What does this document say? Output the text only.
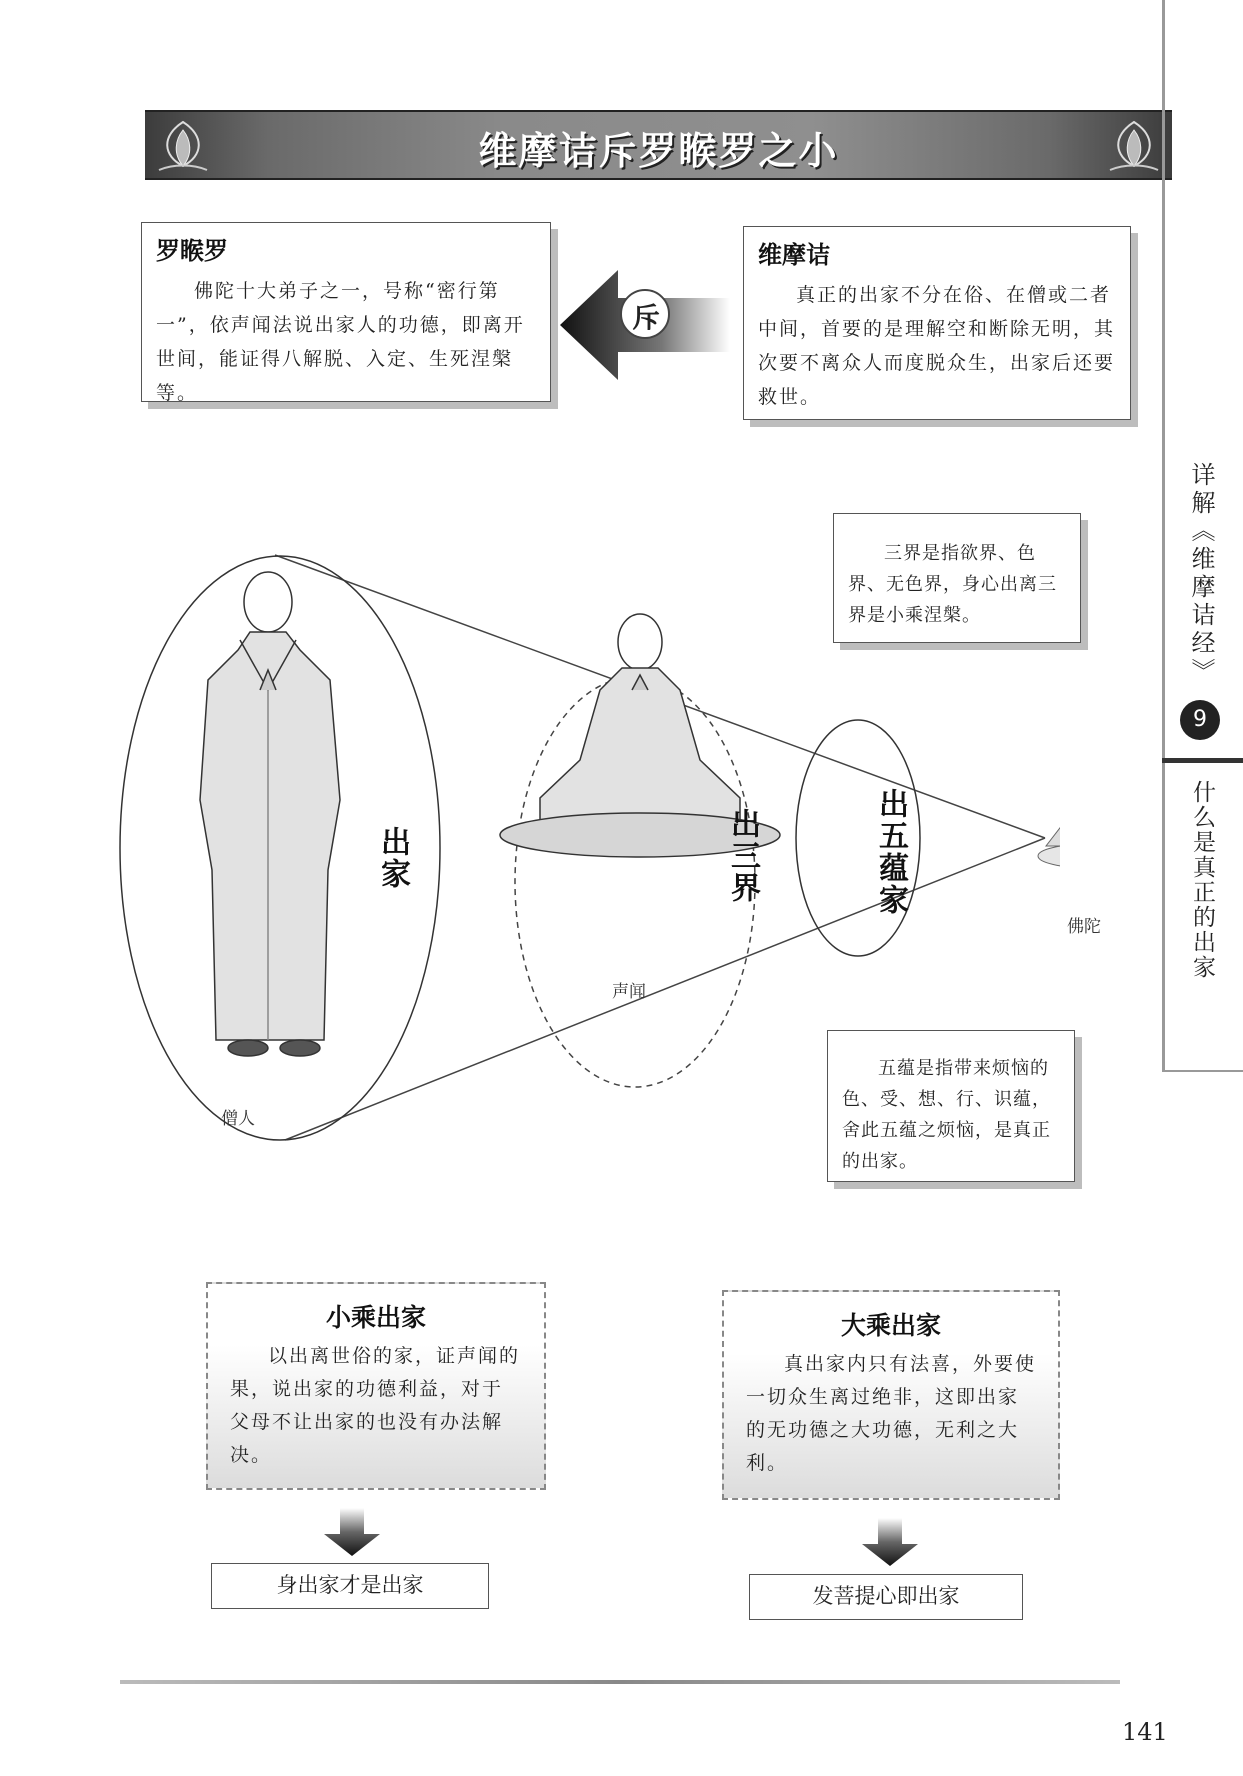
维摩诘斥罗睺罗之小
罗睺罗
佛陀十大弟子之一，号称“密行第一”，依声闻法说出家人的功德，即离开世间，能证得八解脱、入定、生死涅槃等。
斥
维摩诘
真正的出家不分在俗、在僧或二者中间，首要的是理解空和断除无明，其次要不离众人而度脱众生，出家后还要救世。
三界是指欲界、色界、无色界，身心出离三界是小乘涅槃。
出家	出三界	出五蕴家
僧人
声闻
佛陀
五蕴是指带来烦恼的色、受、想、行、识蕴，舍此五蕴之烦恼，是真正的出家。
小乘出家
以出离世俗的家，证声闻的果，说出家的功德利益，对于父母不让出家的也没有办法解决。
身出家才是出家
大乘出家
真出家内只有法喜，外要使一切众生离过绝非，这即出家的无功德之大功德，无利之大利。
发菩提心即出家
141
详解《维摩诘经》
9
什么是真正的出家
